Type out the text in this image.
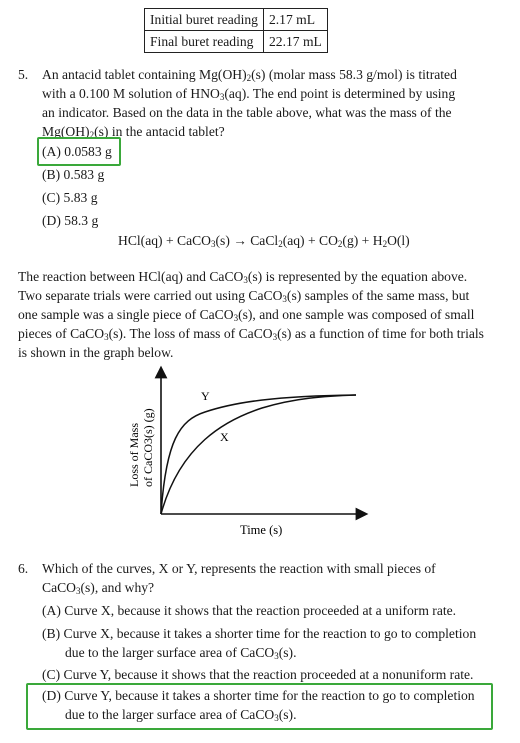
Initial buret reading	2.17 mL
Final buret reading	22.17 mL
5. An antacid tablet containing $Mg(OH)_2(s)$ (molar mass 58.3 g/mol) is titrated
with a 0.100 M solution of $HNO_3(aq)$. The end point is determined by using
an indicator. Based on the data in the table above, what was the mass of the
$Mg(OH)_2(s)$ in the antacid tablet?
(A) 0.0583 g
(B) 0.583 g
(C) 5.83 g
(D) 58.3 g
HCl(aq) + CaCO$_3$(s) → CaCl$_2$(aq) + $CO_2(g) + H_2O(l)$
The reaction between HCl(aq) and CaCO$_3$(s) is represented by the equation above.
Two separate trials were carried out using CaCO$_3$(s) samples of the same mass, but
one sample was a single piece of CaCO$_3$(s), and one sample was composed of small
pieces of CaCO$_3$(s). The loss of mass of CaCO$_3$(s) as a function of time for both trials
is shown in the graph below.
Y
X
Time (s)
Loss of Mass of CaCO3(s) (g)
6. Which of the curves, X or Y, represents the reaction with small pieces of
CaCO$_3$(s), and why?
(A) Curve X, because it shows that the reaction proceeded at a uniform rate.
(B) Curve X, because it takes a shorter time for the reaction to go to completion
due to the larger surface area of CaCO$_3$(s).
(C) Curve Y, because it shows that the reaction proceeded at a nonuniform rate.
(D) Curve Y, because it takes a shorter time for the reaction to go to completion
due to the larger surface area of CaCO$_3$(s).
